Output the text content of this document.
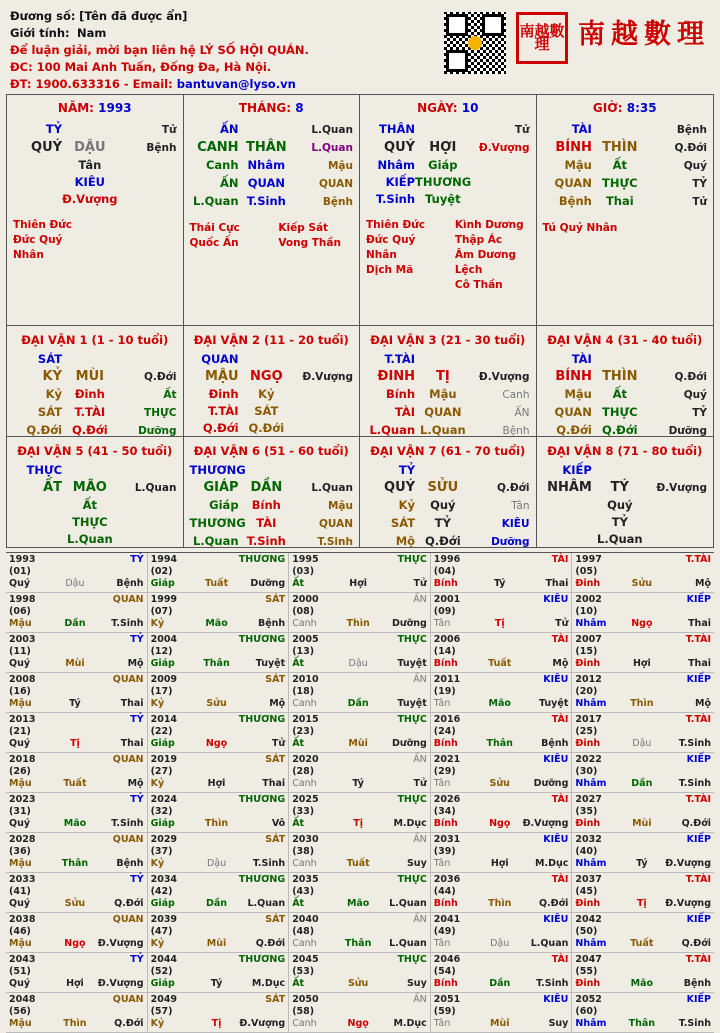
Đương số: [Tên đã được ẩn]
Giới tính: Nam
Để luận giải, mời bạn liên hệ LÝ SỐ HỘI QUÁN.
ĐC: 100 Mai Anh Tuấn, Đống Đa, Hà Nội.
ĐT: 1900.633316 - Email: bantuvan@lyso.vn
南越數理	南越數理
NĂM: 1993
TỶ	Tử
QUÝ DẬU	Bệnh
Tân
KIÊU
Đ.Vượng
Thiên Đức
Đức Quý Nhân
THÁNG: 8
ẤN	L.Quan
CANH THÂN	L.Quan
Canh Nhâm	Mậu
ẤN QUAN	QUAN
L.Quan T.Sinh	Bệnh
Thái Cực
Quốc Ấn
Kiếp Sát
Vong Thần
NGÀY: 10
THÂN	Tử
QUÝ	HỢI	Đ.Vượng
Nhâm	Giáp
KIẾP THƯƠNG
T.Sinh Tuyệt
Thiên Đức
Đức Quý Nhân
Dịch Mã
Kình Dương
Thập Ác
Âm Dương Lệch
Cô Thần
GIỜ: 8:35
TÀI	Bệnh
BÍNH THÌN	Q.Đới
Mậu	Ất	Quý
QUAN THỰC	TỶ
Bệnh	Thai	Tử
Tú Quý Nhân
ĐẠI VẬN 1 (1 - 10 tuổi)
SÁT
KỶ	MÙI	Q.Đới
Kỷ	Đinh	Ất
SÁT	T.TÀI	THỰC
Q.Đới Q.Đới	Dưỡng
ĐẠI VẬN 2 (11 - 20 tuổi)
QUAN
MẬU NGỌ	Đ.Vượng
Đinh	Kỷ
T.TÀI	SÁT
Q.Đới Q.Đới
ĐẠI VẬN 3 (21 - 30 tuổi)
T.TÀI
ĐINH	TỊ	Đ.Vượng
Bính	Mậu	Canh
TÀI QUAN	ẤN
L.Quan L.Quan	Bệnh
ĐẠI VẬN 4 (31 - 40 tuổi)
TÀI
BÍNH THÌN	Q.Đới
Mậu	Ất	Quý
QUAN THỰC	TỶ
Q.Đới Q.Đới	Dưỡng
ĐẠI VẬN 5 (41 - 50 tuổi)
THỰC
ẤT MÃO	L.Quan
Ất
THỰC
L.Quan
ĐẠI VẬN 6 (51 - 60 tuổi)
THƯƠNG
GIÁP DẦN	L.Quan
Giáp	Bính	Mậu
THƯƠNG TÀI	QUAN
L.Quan T.Sinh	T.Sinh
ĐẠI VẬN 7 (61 - 70 tuổi)
TỶ
QUÝ SỬU	Q.Đới
Kỷ	Quý	Tân
SÁT	TỶ	KIÊU
Mộ Q.Đới	Dưỡng
ĐẠI VẬN 8 (71 - 80 tuổi)
KIẾP
NHÂM	TÝ	Đ.Vượng
Quý
TỶ
L.Quan
1993 (01)
TỶ
Quý	Dậu	Bệnh
1994 (02)
THƯƠNG
Giáp	Tuất	Dưỡng
1995 (03)
THỰC
Ất	Hợi	Tử
1996 (04)
TÀI
Bính	Tý	Thai
1997 (05)
T.TÀI
Đinh	Sửu	Mộ
1998 (06)
QUAN
Mậu	Dần	T.Sinh
1999 (07)
SÁT
Kỷ	Mão	Bệnh
2000 (08)
ẤN
Canh	Thìn	Dưỡng
2001 (09)
KIÊU
Tân	Tị	Tử
2002 (10)
KIẾP
Nhâm	Ngọ	Thai
2003 (11)
TỶ
Quý	Mùi	Mộ
2004 (12)
THƯƠNG
Giáp	Thân	Tuyệt
2005 (13)
THỰC
Ất	Dậu	Tuyệt
2006 (14)
TÀI
Bính	Tuất	Mộ
2007 (15)
T.TÀI
Đinh	Hợi	Thai
2008 (16)
QUAN
Mậu	Tý	Thai
2009 (17)
SÁT
Kỷ	Sửu	Mộ
2010 (18)
ẤN
Canh	Dần	Tuyệt
2011 (19)
KIÊU
Tân	Mão	Tuyệt
2012 (20)
KIẾP
Nhâm	Thìn	Mộ
2013 (21)
TỶ
Quý	Tị	Thai
2014 (22)
THƯƠNG
Giáp	Ngọ	Tử
2015 (23)
THỰC
Ất	Mùi	Dưỡng
2016 (24)
TÀI
Bính	Thân	Bệnh
2017 (25)
T.TÀI
Đinh	Dậu	T.Sinh
2018 (26)
QUAN
Mậu	Tuất	Mộ
2019 (27)
SÁT
Kỷ	Hợi	Thai
2020 (28)
ẤN
Canh	Tý	Tử
2021 (29)
KIÊU
Tân	Sửu	Dưỡng
2022 (30)
KIẾP
Nhâm	Dần	T.Sinh
2023 (31)
TỶ
Quý	Mão	T.Sinh
2024 (32)
THƯƠNG
Giáp	Thìn	Vô
2025 (33)
THỰC
Ất	Tị	M.Dục
2026 (34)
TÀI
Bính	Ngọ	Đ.Vượng
2027 (35)
T.TÀI
Đinh	Mùi	Q.Đới
2028 (36)
QUAN
Mậu	Thân	Bệnh
2029 (37)
SÁT
Kỷ	Dậu	T.Sinh
2030 (38)
ẤN
Canh	Tuất	Suy
2031 (39)
KIÊU
Tân	Hợi	M.Dục
2032 (40)
KIẾP
Nhâm	Tý	Đ.Vượng
2033 (41)
TỶ
Quý	Sửu	Q.Đới
2034 (42)
THƯƠNG
Giáp	Dần	L.Quan
2035 (43)
THỰC
Ất	Mão	L.Quan
2036 (44)
TÀI
Bính	Thìn	Q.Đới
2037 (45)
T.TÀI
Đinh	Tị	Đ.Vượng
2038 (46)
QUAN
Mậu	Ngọ	Đ.Vượng
2039 (47)
SÁT
Kỷ	Mùi	Q.Đới
2040 (48)
ẤN
Canh	Thân	L.Quan
2041 (49)
KIÊU
Tân	Dậu	L.Quan
2042 (50)
KIẾP
Nhâm	Tuất	Q.Đới
2043 (51)
TỶ
Quý	Hợi	Đ.Vượng
2044 (52)
THƯƠNG
Giáp	Tý	M.Dục
2045 (53)
THỰC
Ất	Sửu	Suy
2046 (54)
TÀI
Bính	Dần	T.Sinh
2047 (55)
T.TÀI
Đinh	Mão	Bệnh
2048 (56)
QUAN
Mậu	Thìn	Q.Đới
2049 (57)
SÁT
Kỷ	Tị	Đ.Vượng
2050 (58)
ẤN
Canh	Ngọ	M.Dục
2051 (59)
KIÊU
Tân	Mùi	Suy
2052 (60)
KIẾP
Nhâm	Thân	T.Sinh
